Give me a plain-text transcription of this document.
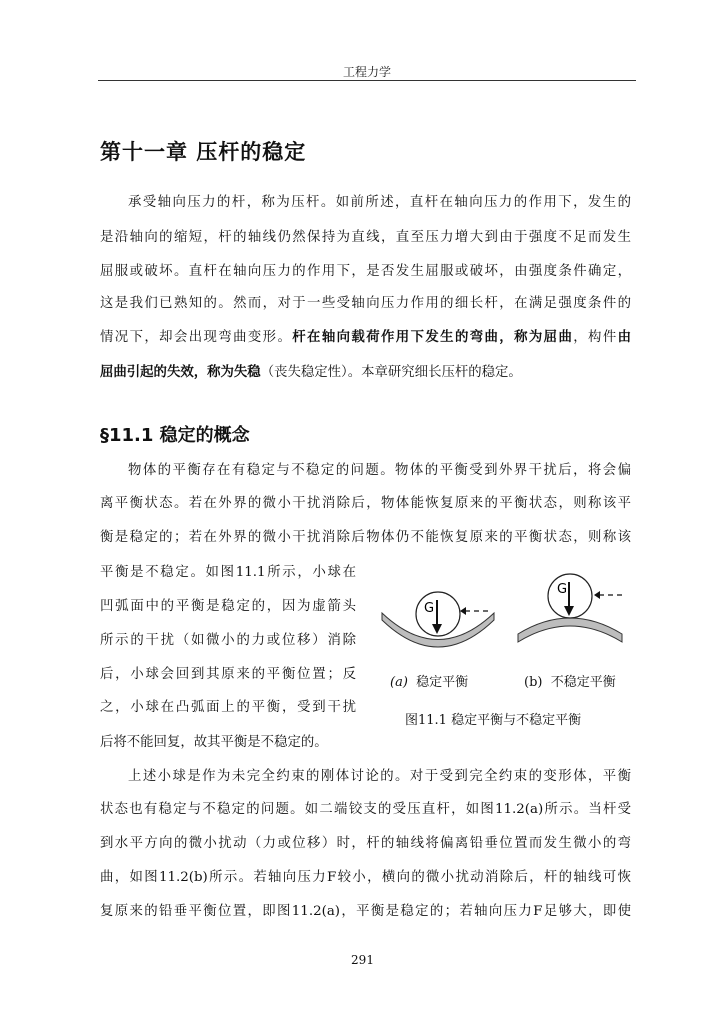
工程力学
第十一章 压杆的稳定
承受轴向压力的杆，称为压杆。如前所述，直杆在轴向压力的作用下，发生的
是沿轴向的缩短，杆的轴线仍然保持为直线，直至压力增大到由于强度不足而发生
屈服或破坏。直杆在轴向压力的作用下，是否发生屈服或破坏，由强度条件确定，
这是我们已熟知的。然而，对于一些受轴向压力作用的细长杆，在满足强度条件的
情况下，却会出现弯曲变形。杆在轴向载荷作用下发生的弯曲，称为屈曲，构件由
屈曲引起的失效，称为失稳（丧失稳定性）。本章研究细长压杆的稳定。
§11.1 稳定的概念
物体的平衡存在有稳定与不稳定的问题。物体的平衡受到外界干扰后，将会偏
离平衡状态。若在外界的微小干扰消除后，物体能恢复原来的平衡状态，则称该平
衡是稳定的；若在外界的微小干扰消除后物体仍不能恢复原来的平衡状态，则称该
平衡是不稳定。如图11.1所示，小球在
凹弧面中的平衡是稳定的，因为虚箭头
所示的干扰（如微小的力或位移）消除
后，小球会回到其原来的平衡位置；反
之，小球在凸弧面上的平衡，受到干扰
后将不能回复，故其平衡是不稳定的。
G
G
(a) 稳定平衡	(b) 不稳定平衡
图11.1 稳定平衡与不稳定平衡
上述小球是作为未完全约束的刚体讨论的。对于受到完全约束的变形体，平衡
状态也有稳定与不稳定的问题。如二端铰支的受压直杆，如图11.2(a)所示。当杆受
到水平方向的微小扰动（力或位移）时，杆的轴线将偏离铅垂位置而发生微小的弯
曲，如图11.2(b)所示。若轴向压力F较小，横向的微小扰动消除后，杆的轴线可恢
复原来的铅垂平衡位置，即图11.2(a)，平衡是稳定的；若轴向压力F足够大，即使
291
